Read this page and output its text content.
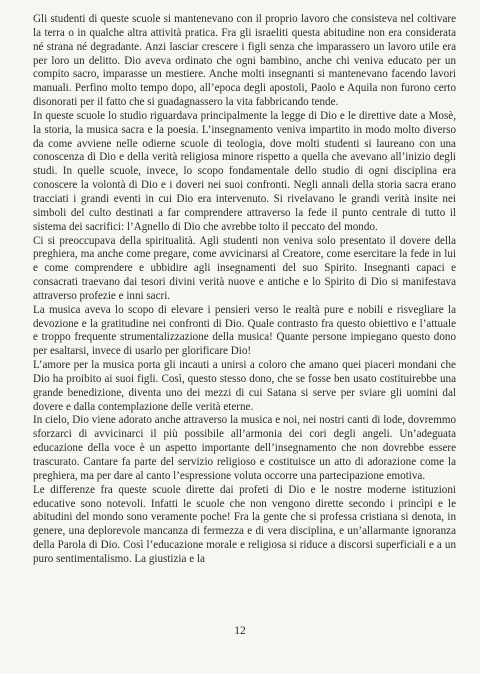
Gli studenti di queste scuole si mantenevano con il proprio lavoro che consisteva nel coltivare la terra o in qualche altra attività pratica. Fra gli israeliti questa abitudine non era considerata né strana né degradante. Anzi lasciar crescere i figli senza che imparassero un lavoro utile era per loro un delitto. Dio aveva ordinato che ogni bambino, anche chi veniva educato per un compito sacro, imparasse un mestiere. Anche molti insegnanti si mantenevano facendo lavori manuali. Perfino molto tempo dopo, all’epoca degli apostoli, Paolo e Aquila non furono certo disonorati per il fatto che si guadagnassero la vita fabbricando tende.

In queste scuole lo studio riguardava principalmente la legge di Dio e le direttive date a Mosè, la storia, la musica sacra e la poesia. L’insegnamento veniva impartito in modo molto diverso da come avviene nelle odierne scuole di teologia, dove molti studenti si laureano con una conoscenza di Dio e della verità religiosa minore rispetto a quella che avevano all’inizio degli studi. In quelle scuole, invece, lo scopo fondamentale dello studio di ogni disciplina era conoscere la volontà di Dio e i doveri nei suoi confronti. Negli annali della storia sacra erano tracciati i grandi eventi in cui Dio era intervenuto. Si rivelavano le grandi verità insite nei simboli del culto destinati a far comprendere attraverso la fede il punto centrale di tutto il sistema dei sacrifici: l’Agnello di Dio che avrebbe tolto il peccato del mondo.

Ci si preoccupava della spiritualità. Agli studenti non veniva solo presentato il dovere della preghiera, ma anche come pregare, come avvicinarsi al Creatore, come esercitare la fede in lui e come comprendere e ubbidire agli insegnamenti del suo Spirito. Insegnanti capaci e consacrati traevano dai tesori divini verità nuove e antiche e lo Spirito di Dio si manifestava attraverso profezie e inni sacri.

La musica aveva lo scopo di elevare i pensieri verso le realtà pure e nobili e risvegliare la devozione e la gratitudine nei confronti di Dio. Quale contrasto fra questo obiettivo e l’attuale e troppo frequente strumentalizzazione della musica! Quante persone impiegano questo dono per esaltarsi, invece di usarlo per glorificare Dio!

L’amore per la musica porta gli incauti a unirsi a coloro che amano quei piaceri mondani che Dio ha proibito ai suoi figli. Così, questo stesso dono, che se fosse ben usato costituirebbe una grande benedizione, diventa uno dei mezzi di cui Satana si serve per sviare gli uomini dal dovere e dalla contemplazione delle verità eterne.

In cielo, Dio viene adorato anche attraverso la musica e noi, nei nostri canti di lode, dovremmo sforzarci di avvicinarci il più possibile all’armonia dei cori degli angeli. Un’adeguata educazione della voce è un aspetto importante dell’insegnamento che non dovrebbe essere trascurato. Cantare fa parte del servizio religioso e costituisce un atto di adorazione come la preghiera, ma per dare al canto l’espressione voluta occorre una partecipazione emotiva.

Le differenze fra queste scuole dirette dai profeti di Dio e le nostre moderne istituzioni educative sono notevoli. Infatti le scuole che non vengono dirette secondo i princìpi e le abitudini del mondo sono veramente poche! Fra la gente che si professa cristiana si denota, in genere, una deplorevole mancanza di fermezza e di vera disciplina, e un’allarmante ignoranza della Parola di Dio. Così l’educazione morale e religiosa si riduce a discorsi superficiali e a un puro sentimentalismo. La giustizia e la

12
